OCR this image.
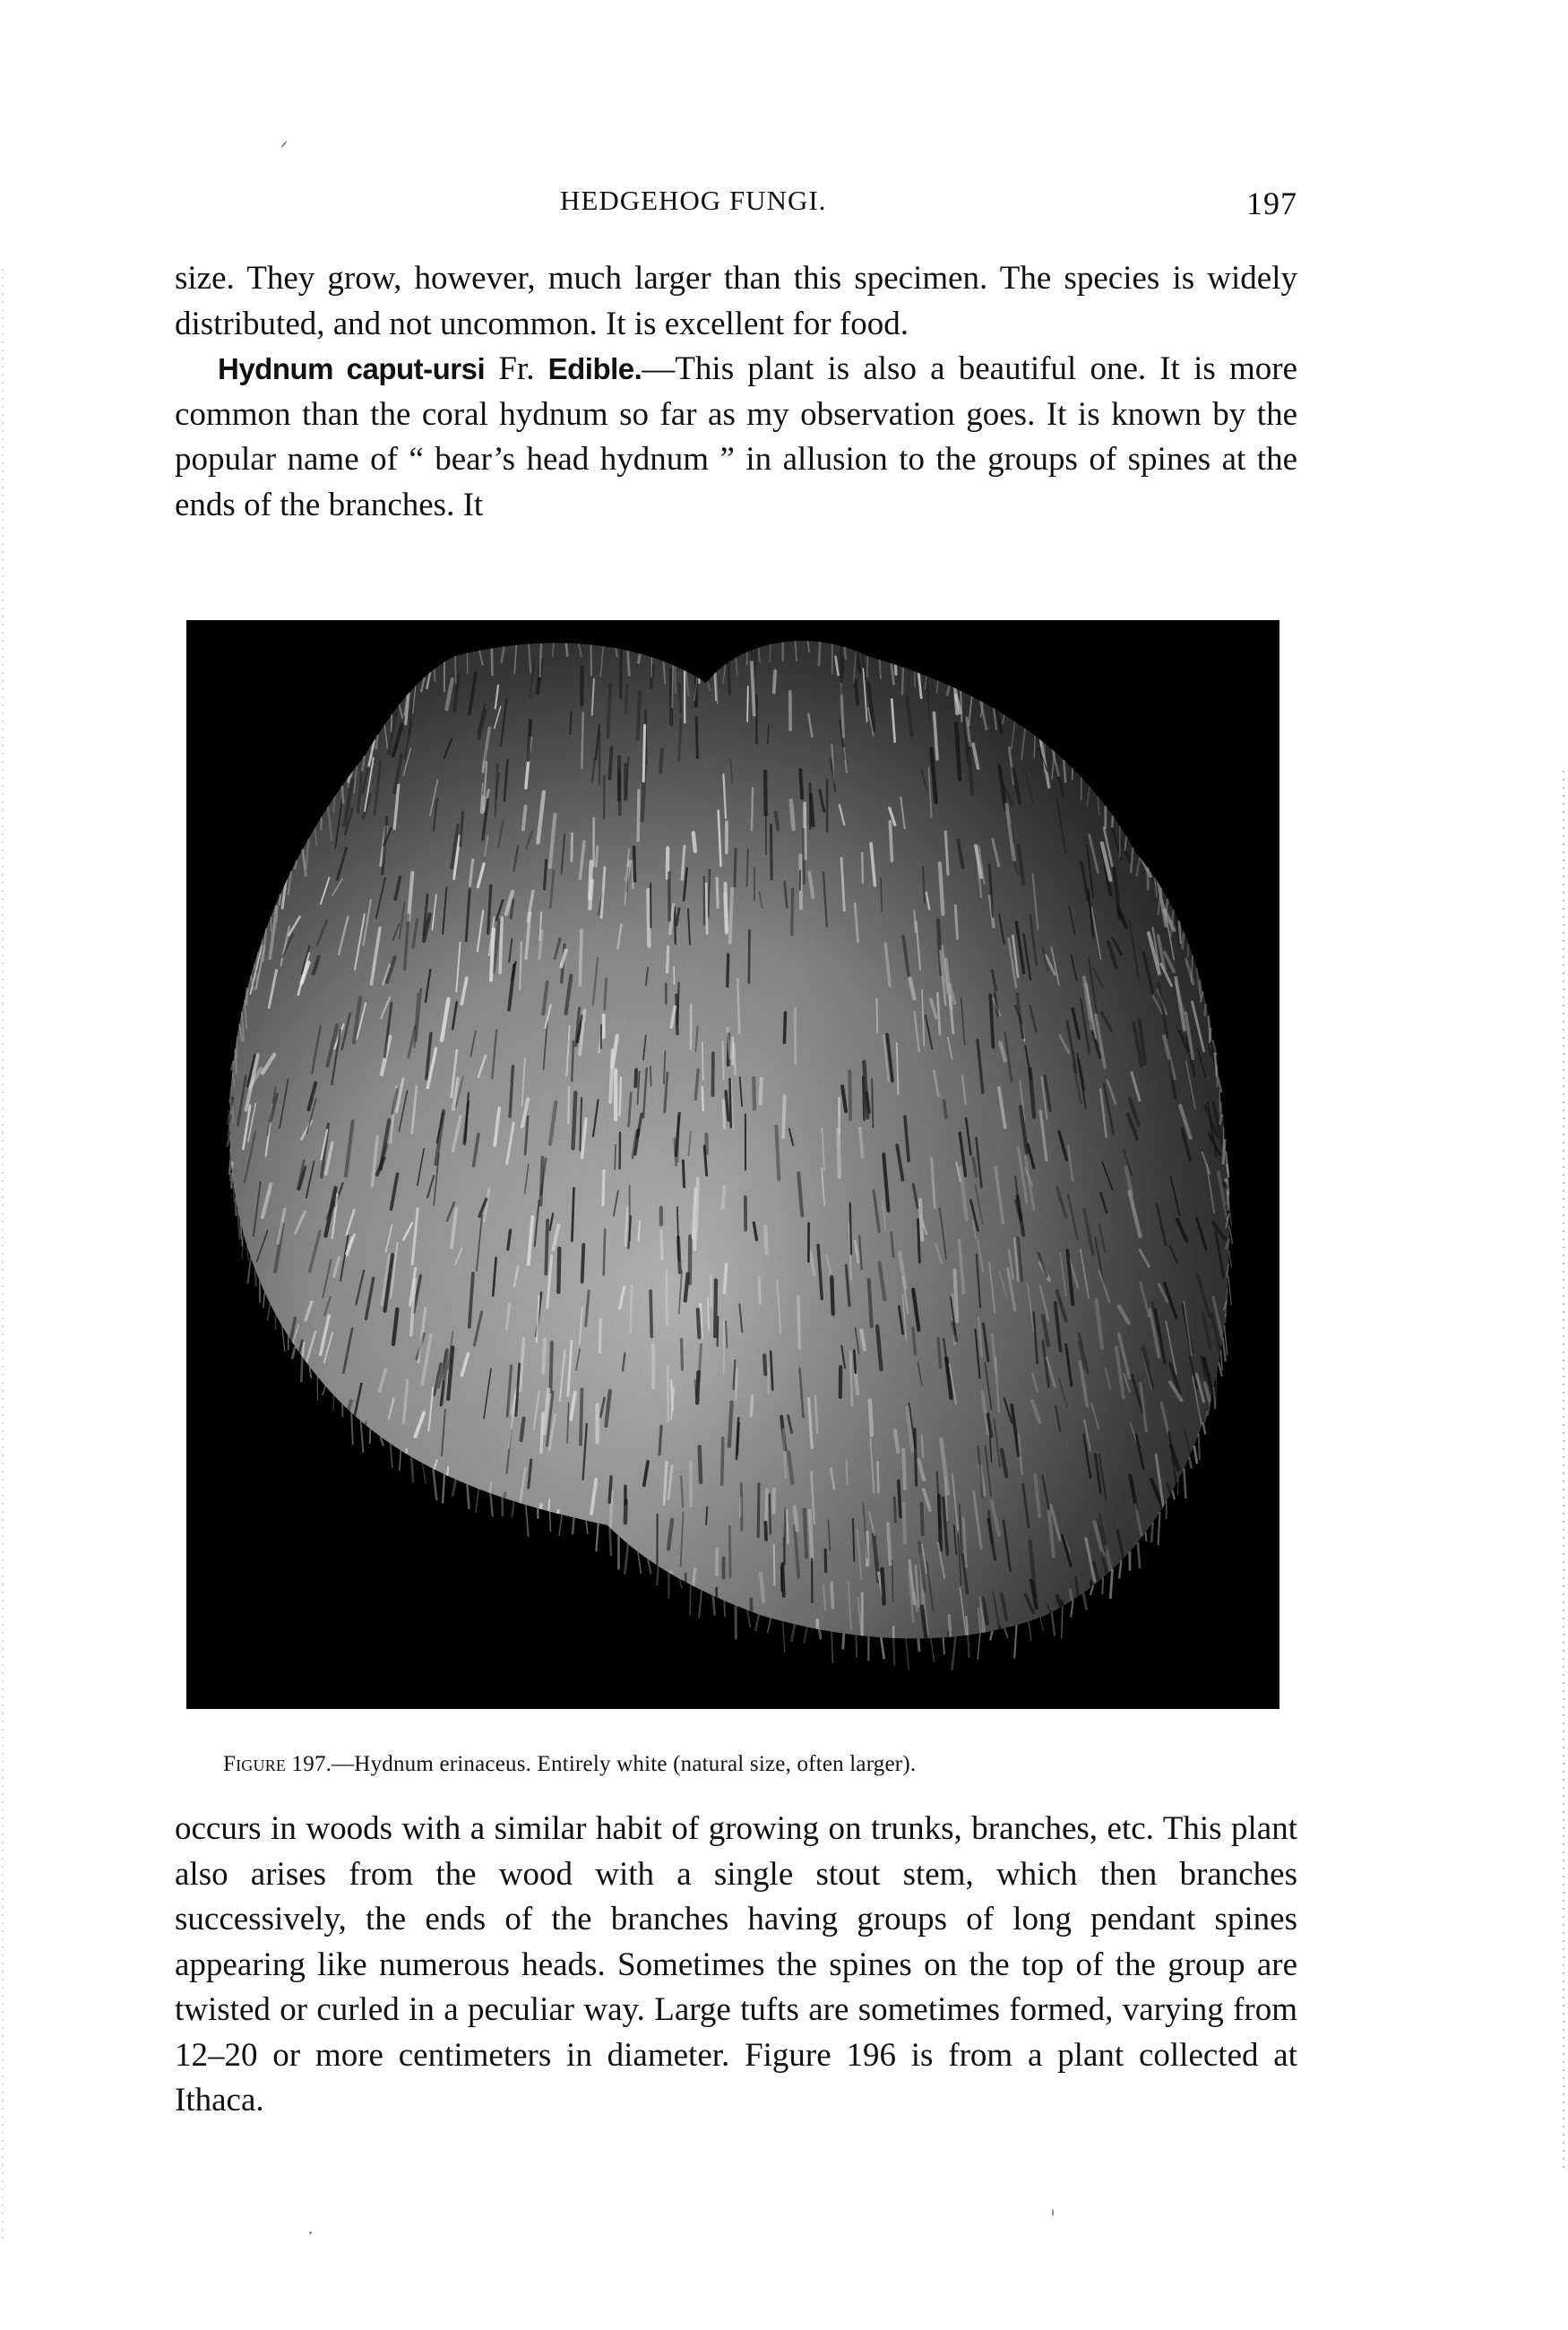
HEDGEHOG FUNGI.	197

size. They grow, however, much larger than this specimen. The species is widely distributed, and not uncommon. It is excellent for food.

Hydnum caput-ursi Fr. Edible.—This plant is also a beautiful one. It is more common than the coral hydnum so far as my observation goes. It is known by the popular name of “ bear’s head hydnum ” in allusion to the groups of spines at the ends of the branches. It

Figure 197.—Hydnum erinaceus. Entirely white (natural size, often larger).

occurs in woods with a similar habit of growing on trunks, branches, etc. This plant also arises from the wood with a single stout stem, which then branches successively, the ends of the branches having groups of long pendant spines appearing like numerous heads. Sometimes the spines on the top of the group are twisted or curled in a peculiar way. Large tufts are sometimes formed, varying from 12–20 or more centimeters in diameter. Figure 196 is from a plant collected at Ithaca.
